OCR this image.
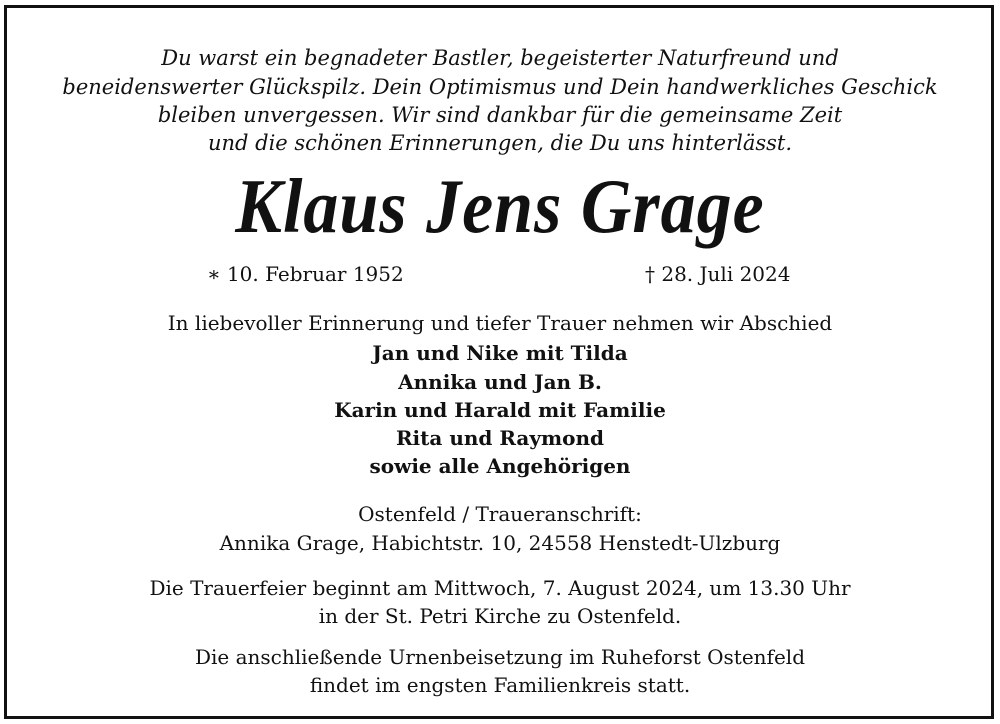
Du warst ein begnadeter Bastler, begeisterter Naturfreund und
beneidenswerter Glückspilz. Dein Optimismus und Dein handwerkliches Geschick
bleiben unvergessen. Wir sind dankbar für die gemeinsame Zeit
und die schönen Erinnerungen, die Du uns hinterlässt.
Klaus Jens Grage
∗ 10. Februar 1952	† 28. Juli 2024
In liebevoller Erinnerung und tiefer Trauer nehmen wir Abschied
Jan und Nike mit Tilda
Annika und Jan B.
Karin und Harald mit Familie
Rita und Raymond
sowie alle Angehörigen
Ostenfeld / Traueranschrift:
Annika Grage, Habichtstr. 10, 24558 Henstedt-Ulzburg
Die Trauerfeier beginnt am Mittwoch, 7. August 2024, um 13.30 Uhr
in der St. Petri Kirche zu Ostenfeld.
Die anschließende Urnenbeisetzung im Ruheforst Ostenfeld
findet im engsten Familienkreis statt.
